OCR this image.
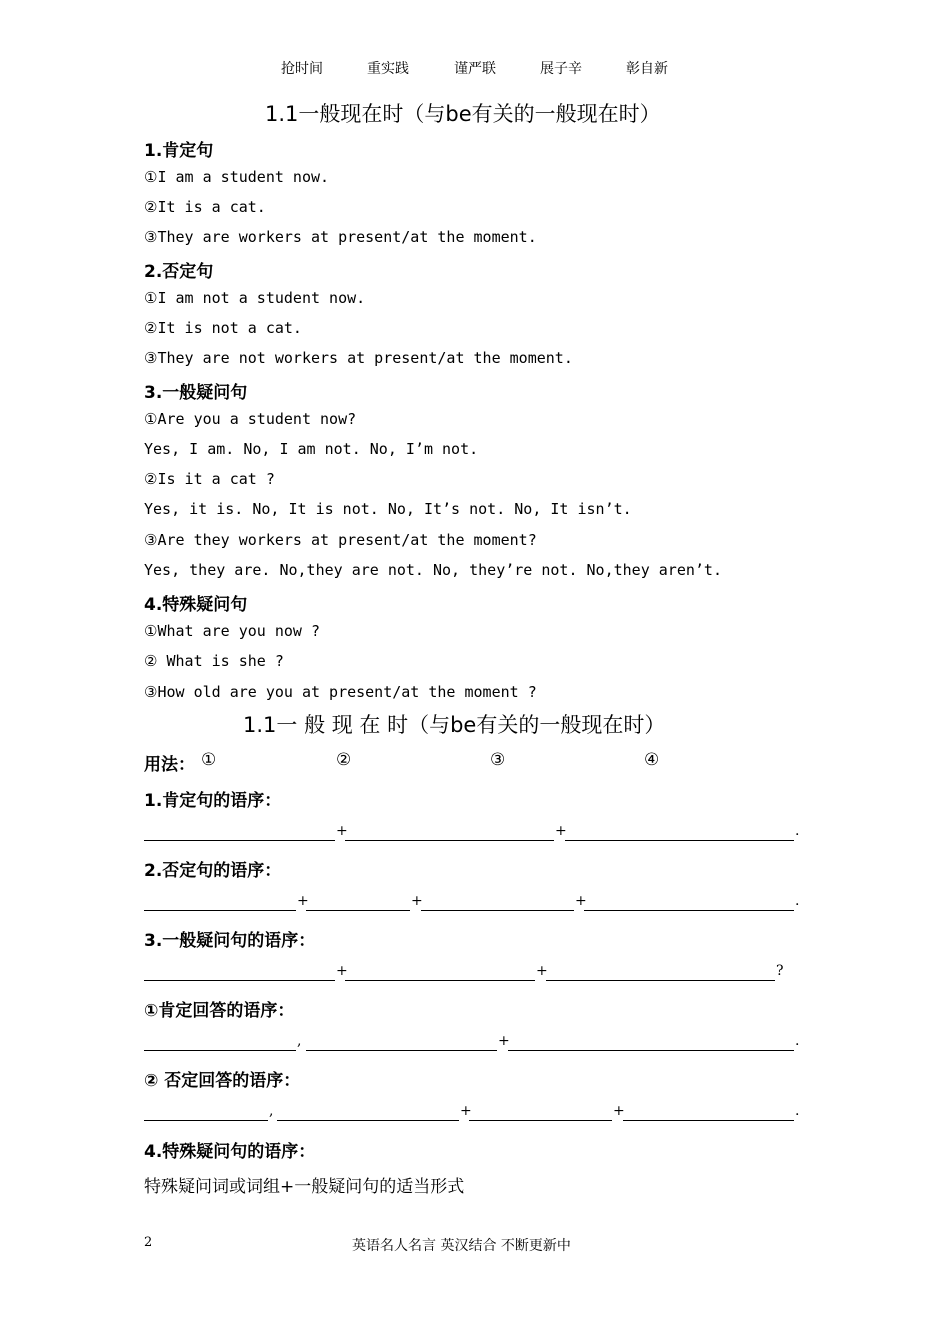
抢时间	重实践	谨严联	展子辛	彰自新
1.1一般现在时（与be有关的一般现在时）
1.肯定句
①I am a student now.
②It is a cat.
③They are workers at present/at the moment.
2.否定句
①I am not a student now.
②It is not a cat.
③They are not workers at present/at the moment.
3.一般疑问句
①Are you a student now?
Yes, I am. No, I am not. No, I’m not.
②Is it a cat ?
Yes, it is. No, It is not. No, It’s not. No, It isn’t.
③Are they workers at present/at the moment?
Yes, they are. No,they are not. No, they’re not. No,they aren’t.
4.特殊疑问句
①What are you now ?
② What is she ?
③How old are you at present/at the moment ?
1.1一 般 现 在 时（与be有关的一般现在时）
用法： ①	②	③	④
1.肯定句的语序：
+	+	.
2.否定句的语序：
+	+	+	.
3.一般疑问句的语序：
+	+	?
①肯定回答的语序：
,	+	.
② 否定回答的语序：
,	+	+	.
4.特殊疑问句的语序：
特殊疑问词或词组+一般疑问句的适当形式
2	英语名人名言 英汉结合 不断更新中
